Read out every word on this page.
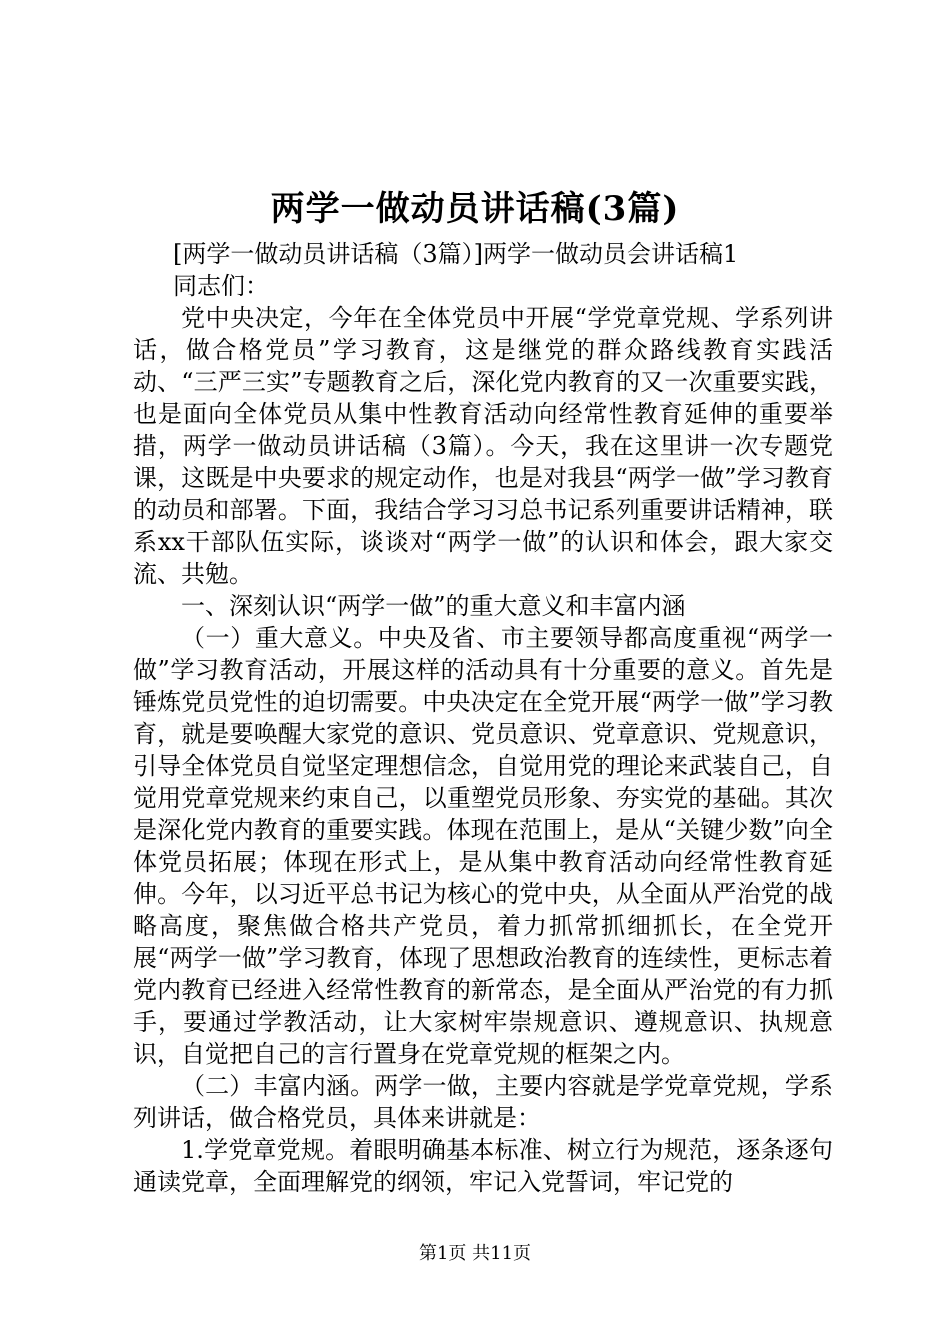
两学一做动员讲话稿(3篇)

[两学一做动员讲话稿（3篇）]两学一做动员会讲话稿1

同志们：

党中央决定，今年在全体党员中开展“学党章党规、学系列讲话，做合格党员”学习教育，这是继党的群众路线教育实践活动、“三严三实”专题教育之后，深化党内教育的又一次重要实践，也是面向全体党员从集中性教育活动向经常性教育延伸的重要举措，两学一做动员讲话稿（3篇）。今天，我在这里讲一次专题党课，这既是中央要求的规定动作，也是对我县“两学一做”学习教育的动员和部署。下面，我结合学习习总书记系列重要讲话精神，联系xx干部队伍实际，谈谈对“两学一做”的认识和体会，跟大家交流、共勉。

一、深刻认识“两学一做”的重大意义和丰富内涵

（一）重大意义。中央及省、市主要领导都高度重视“两学一做”学习教育活动，开展这样的活动具有十分重要的意义。首先是锤炼党员党性的迫切需要。中央决定在全党开展“两学一做”学习教育，就是要唤醒大家党的意识、党员意识、党章意识、党规意识，引导全体党员自觉坚定理想信念，自觉用党的理论来武装自己，自觉用党章党规来约束自己，以重塑党员形象、夯实党的基础。其次是深化党内教育的重要实践。体现在范围上，是从“关键少数”向全体党员拓展；体现在形式上，是从集中教育活动向经常性教育延伸。今年，以习近平总书记为核心的党中央，从全面从严治党的战略高度，聚焦做合格共产党员，着力抓常抓细抓长，在全党开展“两学一做”学习教育，体现了思想政治教育的连续性，更标志着党内教育已经进入经常性教育的新常态，是全面从严治党的有力抓手，要通过学教活动，让大家树牢崇规意识、遵规意识、执规意识，自觉把自己的言行置身在党章党规的框架之内。

（二）丰富内涵。两学一做，主要内容就是学党章党规，学系列讲话，做合格党员，具体来讲就是：

1.学党章党规。着眼明确基本标准、树立行为规范，逐条逐句通读党章，全面理解党的纲领，牢记入党誓词，牢记党的

第1页 共11页
